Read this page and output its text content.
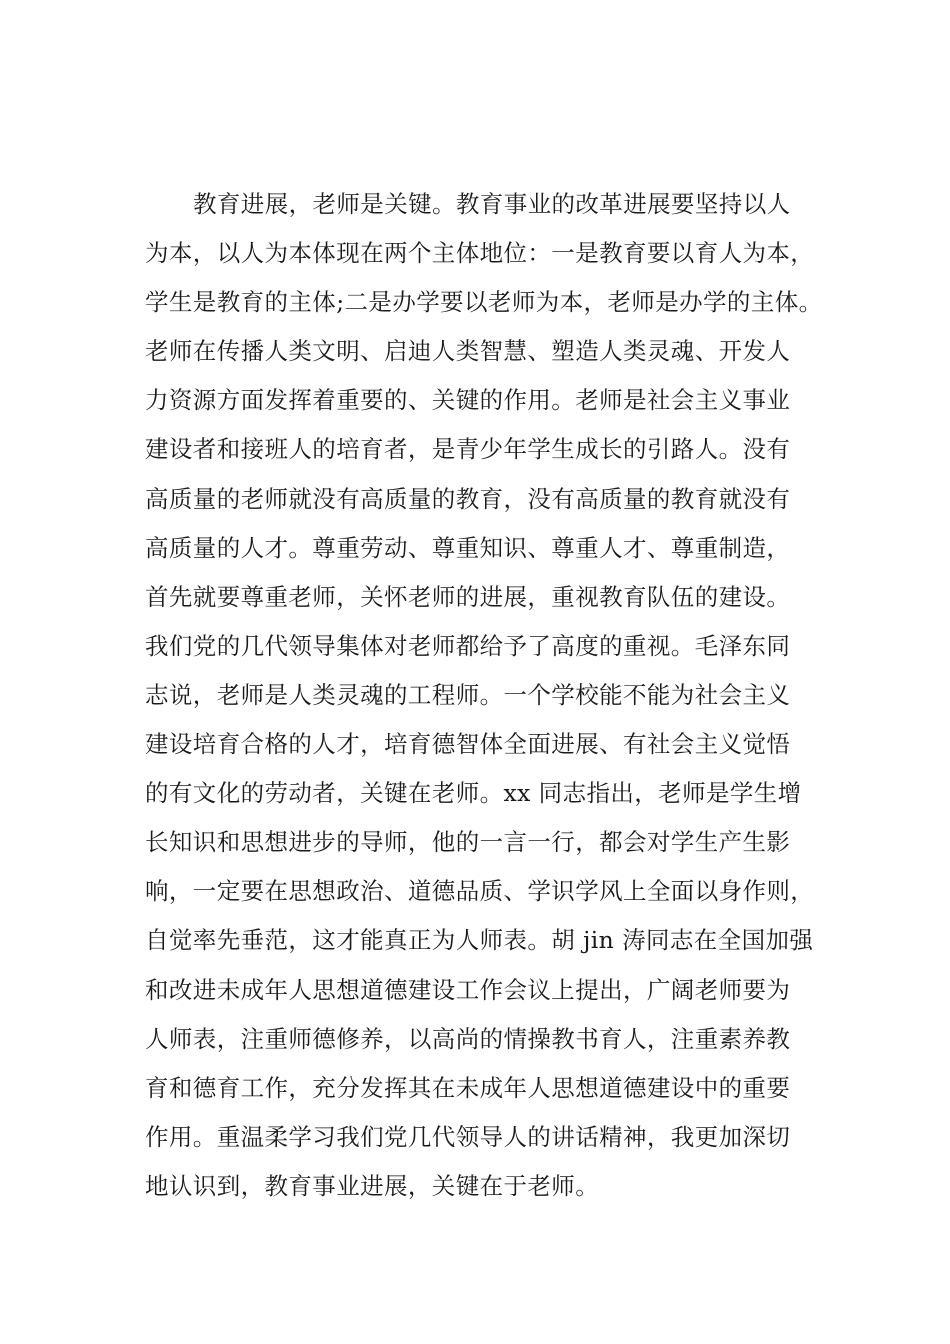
教育进展，老师是关键。教育事业的改革进展要坚持以人
为本，以人为本体现在两个主体地位：一是教育要以育人为本，
学生是教育的主体;二是办学要以老师为本，老师是办学的主体。
老师在传播人类文明、启迪人类智慧、塑造人类灵魂、开发人
力资源方面发挥着重要的、关键的作用。老师是社会主义事业
建设者和接班人的培育者，是青少年学生成长的引路人。没有
高质量的老师就没有高质量的教育，没有高质量的教育就没有
高质量的人才。尊重劳动、尊重知识、尊重人才、尊重制造，
首先就要尊重老师，关怀老师的进展，重视教育队伍的建设。
我们党的几代领导集体对老师都给予了高度的重视。毛泽东同
志说，老师是人类灵魂的工程师。一个学校能不能为社会主义
建设培育合格的人才，培育德智体全面进展、有社会主义觉悟
的有文化的劳动者，关键在老师。xx 同志指出，老师是学生增
长知识和思想进步的导师，他的一言一行，都会对学生产生影
响，一定要在思想政治、道德品质、学识学风上全面以身作则，
自觉率先垂范，这才能真正为人师表。胡 jin 涛同志在全国加强
和改进未成年人思想道德建设工作会议上提出，广阔老师要为
人师表，注重师德修养，以高尚的情操教书育人，注重素养教
育和德育工作，充分发挥其在未成年人思想道德建设中的重要
作用。重温柔学习我们党几代领导人的讲话精神，我更加深切
地认识到，教育事业进展，关键在于老师。
